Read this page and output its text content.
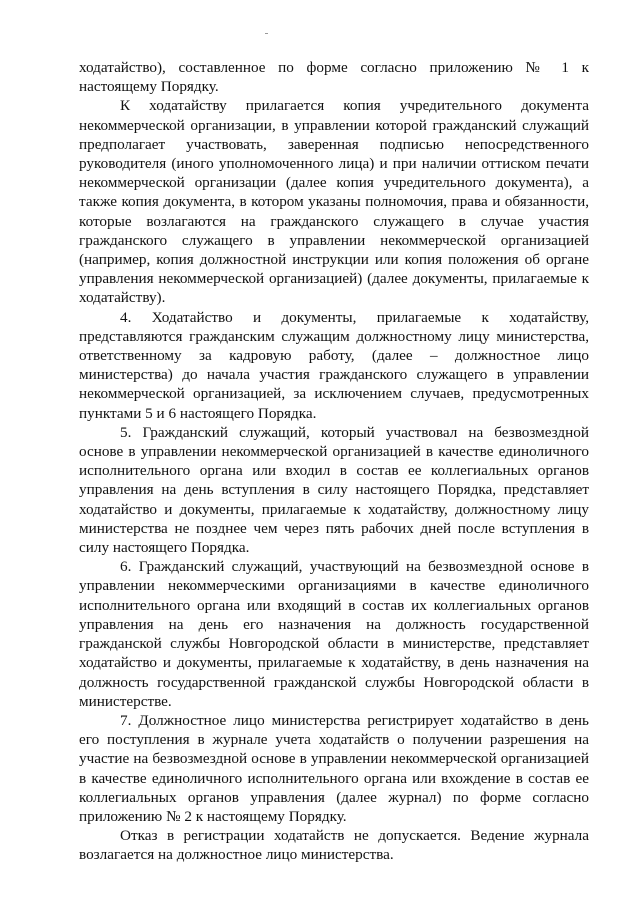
ходатайство), составленное по форме согласно приложению № 1 к настоящему Порядку.

К ходатайству прилагается копия учредительного документа некоммерческой организации, в управлении которой гражданский служащий предполагает участвовать, заверенная подписью непосредственного руководителя (иного уполномоченного лица) и при наличии оттиском печати некоммерческой организации (далее копия учредительного документа), а также копия документа, в котором указаны полномочия, права и обязанности, которые возлагаются на гражданского служащего в случае участия гражданского служащего в управлении некоммерческой организацией (например, копия должностной инструкции или копия положения об органе управления некоммерческой организацией) (далее документы, прилагаемые к ходатайству).

4. Ходатайство и документы, прилагаемые к ходатайству, представляются гражданским служащим должностному лицу министерства, ответственному за кадровую работу, (далее – должностное лицо министерства) до начала участия гражданского служащего в управлении некоммерческой организацией, за исключением случаев, предусмотренных пунктами 5 и 6 настоящего Порядка.

5. Гражданский служащий, который участвовал на безвозмездной основе в управлении некоммерческой организацией в качестве единоличного исполнительного органа или входил в состав ее коллегиальных органов управления на день вступления в силу настоящего Порядка, представляет ходатайство и документы, прилагаемые к ходатайству, должностному лицу министерства не позднее чем через пять рабочих дней после вступления в силу настоящего Порядка.

6. Гражданский служащий, участвующий на безвозмездной основе в управлении некоммерческими организациями в качестве единоличного исполнительного органа или входящий в состав их коллегиальных органов управления на день его назначения на должность государственной гражданской службы Новгородской области в министерстве, представляет ходатайство и документы, прилагаемые к ходатайству, в день назначения на должность государственной гражданской службы Новгородской области в министерстве.

7. Должностное лицо министерства регистрирует ходатайство в день его поступления в журнале учета ходатайств о получении разрешения на участие на безвозмездной основе в управлении некоммерческой организацией в качестве единоличного исполнительного органа или вхождение в состав ее коллегиальных органов управления (далее журнал) по форме согласно приложению № 2 к настоящему Порядку.

Отказ в регистрации ходатайств не допускается. Ведение журнала возлагается на должностное лицо министерства.
